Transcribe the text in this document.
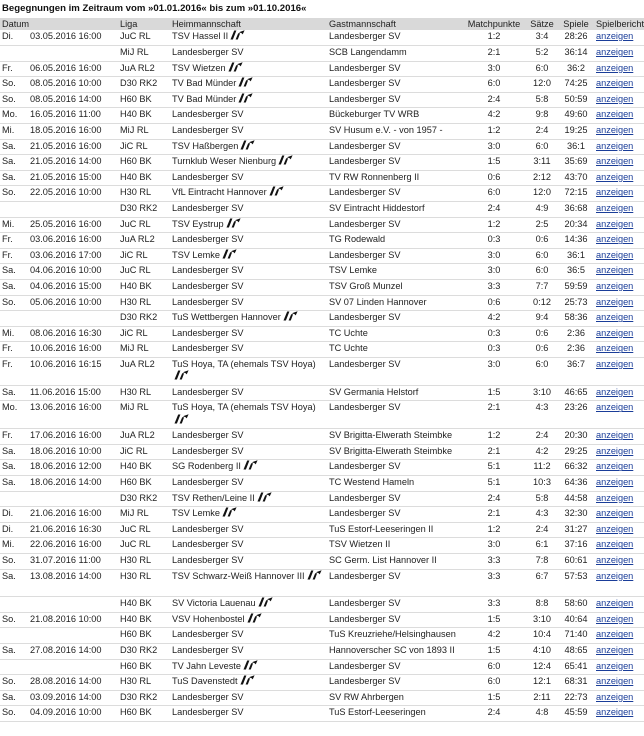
Begegnungen im Zeitraum vom »01.01.2016« bis zum »01.10.2016«
Datum		Liga	Heimmannschaft	Gastmannschaft	Matchpunkte	Sätze	Spiele	Spielbericht
Di.	03.05.2016 16:00	JuC RL	TSV Hassel II	Landesberger SV	1:2	3:4	28:26	anzeigen
		MiJ RL	Landesberger SV	SCB Langendamm	2:1	5:2	36:14	anzeigen
Fr.	06.05.2016 16:00	JuA RL2	TSV Wietzen	Landesberger SV	3:0	6:0	36:2	anzeigen
So.	08.05.2016 10:00	D30 RK2	TV Bad Münder	Landesberger SV	6:0	12:0	74:25	anzeigen
So.	08.05.2016 14:00	H60 BK	TV Bad Münder	Landesberger SV	2:4	5:8	50:59	anzeigen
Mo.	16.05.2016 11:00	H40 BK	Landesberger SV	Bückeburger TV WRB	4:2	9:8	49:60	anzeigen
Mi.	18.05.2016 16:00	MiJ RL	Landesberger SV	SV Husum e.V. - von 1957 -	1:2	2:4	19:25	anzeigen
Sa.	21.05.2016 16:00	JiC RL	TSV Haßbergen	Landesberger SV	3:0	6:0	36:1	anzeigen
Sa.	21.05.2016 14:00	H60 BK	Turnklub Weser Nienburg	Landesberger SV	1:5	3:11	35:69	anzeigen
Sa.	21.05.2016 15:00	H40 BK	Landesberger SV	TV RW Ronnenberg II	0:6	2:12	43:70	anzeigen
So.	22.05.2016 10:00	H30 RL	VfL Eintracht Hannover	Landesberger SV	6:0	12:0	72:15	anzeigen
		D30 RK2	Landesberger SV	SV Eintracht Hiddestorf	2:4	4:9	36:68	anzeigen
Mi.	25.05.2016 16:00	JuC RL	TSV Eystrup	Landesberger SV	1:2	2:5	20:34	anzeigen
Fr.	03.06.2016 16:00	JuA RL2	Landesberger SV	TG Rodewald	0:3	0:6	14:36	anzeigen
Fr.	03.06.2016 17:00	JiC RL	TSV Lemke	Landesberger SV	3:0	6:0	36:1	anzeigen
Sa.	04.06.2016 10:00	JuC RL	Landesberger SV	TSV Lemke	3:0	6:0	36:5	anzeigen
Sa.	04.06.2016 15:00	H40 BK	Landesberger SV	TSV Groß Munzel	3:3	7:7	59:59	anzeigen
So.	05.06.2016 10:00	H30 RL	Landesberger SV	SV 07 Linden Hannover	0:6	0:12	25:73	anzeigen
		D30 RK2	TuS Wettbergen Hannover	Landesberger SV	4:2	9:4	58:36	anzeigen
Mi.	08.06.2016 16:30	JiC RL	Landesberger SV	TC Uchte	0:3	0:6	2:36	anzeigen
Fr.	10.06.2016 16:00	MiJ RL	Landesberger SV	TC Uchte	0:3	0:6	2:36	anzeigen
Fr.	10.06.2016 16:15	JuA RL2	TuS Hoya, TA (ehemals TSV Hoya)	Landesberger SV	3:0	6:0	36:7	anzeigen
Sa.	11.06.2016 15:00	H30 RL	Landesberger SV	SV Germania Helstorf	1:5	3:10	46:65	anzeigen
Mo.	13.06.2016 16:00	MiJ RL	TuS Hoya, TA (ehemals TSV Hoya)	Landesberger SV	2:1	4:3	23:26	anzeigen
Fr.	17.06.2016 16:00	JuA RL2	Landesberger SV	SV Brigitta-Elwerath Steimbke	1:2	2:4	20:30	anzeigen
Sa.	18.06.2016 10:00	JiC RL	Landesberger SV	SV Brigitta-Elwerath Steimbke	2:1	4:2	29:25	anzeigen
Sa.	18.06.2016 12:00	H40 BK	SG Rodenberg II	Landesberger SV	5:1	11:2	66:32	anzeigen
Sa.	18.06.2016 14:00	H60 BK	Landesberger SV	TC Westend Hameln	5:1	10:3	64:36	anzeigen
		D30 RK2	TSV Rethen/Leine II	Landesberger SV	2:4	5:8	44:58	anzeigen
Di.	21.06.2016 16:00	MiJ RL	TSV Lemke	Landesberger SV	2:1	4:3	32:30	anzeigen
Di.	21.06.2016 16:30	JuC RL	Landesberger SV	TuS Estorf-Leeseringen II	1:2	2:4	31:27	anzeigen
Mi.	22.06.2016 16:00	JuC RL	Landesberger SV	TSV Wietzen II	3:0	6:1	37:16	anzeigen
So.	31.07.2016 11:00	H30 RL	Landesberger SV	SC Germ. List Hannover II	3:3	7:8	60:61	anzeigen
Sa.	13.08.2016 14:00	H30 RL	TSV Schwarz-Weiß Hannover III	Landesberger SV	3:3	6:7	57:53	anzeigen
		H40 BK	SV Victoria Lauenau	Landesberger SV	3:3	8:8	58:60	anzeigen
So.	21.08.2016 10:00	H40 BK	VSV Hohenbostel	Landesberger SV	1:5	3:10	40:64	anzeigen
		H60 BK	Landesberger SV	TuS Kreuzriehe/Helsinghausen	4:2	10:4	71:40	anzeigen
Sa.	27.08.2016 14:00	D30 RK2	Landesberger SV	Hannoverscher SC von 1893 II	1:5	4:10	48:65	anzeigen
		H60 BK	TV Jahn Leveste	Landesberger SV	6:0	12:4	65:41	anzeigen
So.	28.08.2016 14:00	H30 RL	TuS Davenstedt	Landesberger SV	6:0	12:1	68:31	anzeigen
Sa.	03.09.2016 14:00	D30 RK2	Landesberger SV	SV RW Ahrbergen	1:5	2:11	22:73	anzeigen
So.	04.09.2016 10:00	H60 BK	Landesberger SV	TuS Estorf-Leeseringen	2:4	4:8	45:59	anzeigen
